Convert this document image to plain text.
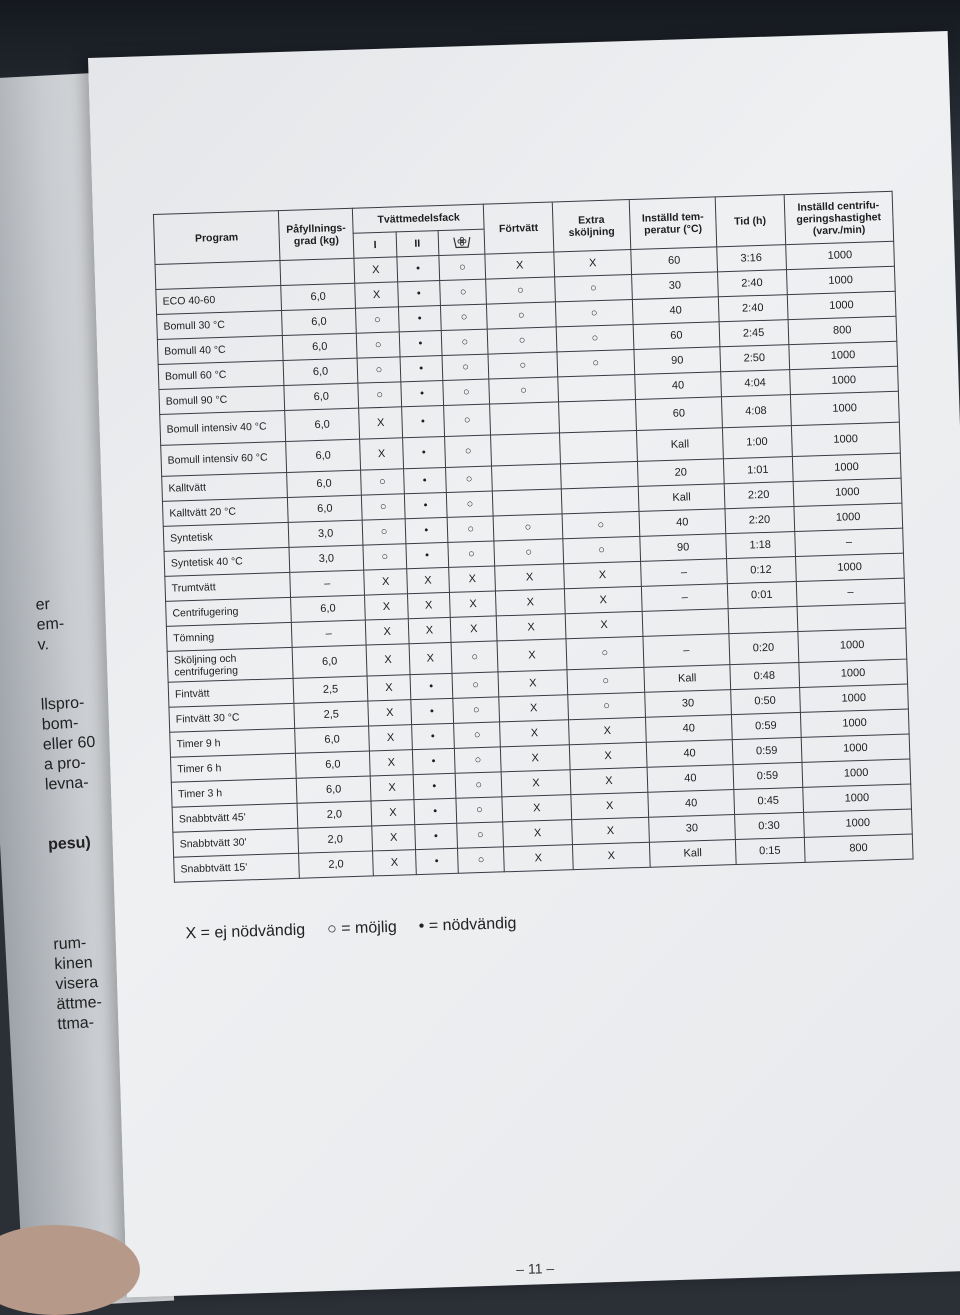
er
em-
v.
llspro-
bom-
eller 60
a pro-
levna-
pesu)
rum-
kinen
visera
ättme-
ttma-
Program	Påfyllnings-grad (kg)	Tvättmedelsfack			Förtvätt	Extra sköljning	Inställd tem-peratur (°C)	Tid (h)	Inställd centrifu-geringshastighet (varv./min)
		I	II	
		X	•	○	X	X	60	3:16	1000
ECO 40-60	6,0	X	•	○	○	○	30	2:40	1000
Bomull 30 °C	6,0	○	•	○	○	○	40	2:40	1000
Bomull 40 °C	6,0	○	•	○	○	○	60	2:45	800
Bomull 60 °C	6,0	○	•	○	○	○	90	2:50	1000
Bomull 90 °C	6,0	○	•	○	○		40	4:04	1000
Bomull intensiv 40 °C	6,0	X	•	○			60	4:08	1000
Bomull intensiv 60 °C	6,0	X	•	○			Kall	1:00	1000
Kalltvätt	6,0	○	•	○			20	1:01	1000
Kalltvätt 20 °C	6,0	○	•	○			Kall	2:20	1000
Syntetisk	3,0	○	•	○	○	○	40	2:20	1000
Syntetisk 40 °C	3,0	○	•	○	○	○	90	1:18	–
Trumtvätt	–	X	X	X	X	X	–	0:12	1000
Centrifugering	6,0	X	X	X	X	X	–	0:01	–
Tömning	–	X	X	X	X	X			
Sköljning och centrifugering	6,0	X	X	○	X	○	–	0:20	1000
Fintvätt	2,5	X	•	○	X	○	Kall	0:48	1000
Fintvätt 30 °C	2,5	X	•	○	X	○	30	0:50	1000
Timer 9 h	6,0	X	•	○	X	X	40	0:59	1000
Timer 6 h	6,0	X	•	○	X	X	40	0:59	1000
Timer 3 h	6,0	X	•	○	X	X	40	0:59	1000
Snabbtvätt 45'	2,0	X	•	○	X	X	40	0:45	1000
Snabbtvätt 30'	2,0	X	•	○	X	X	30	0:30	1000
Snabbtvätt 15'	2,0	X	•	○	X	X	Kall	0:15	800
X = ej nödvändig ○ = möjlig • = nödvändig
– 11 –
